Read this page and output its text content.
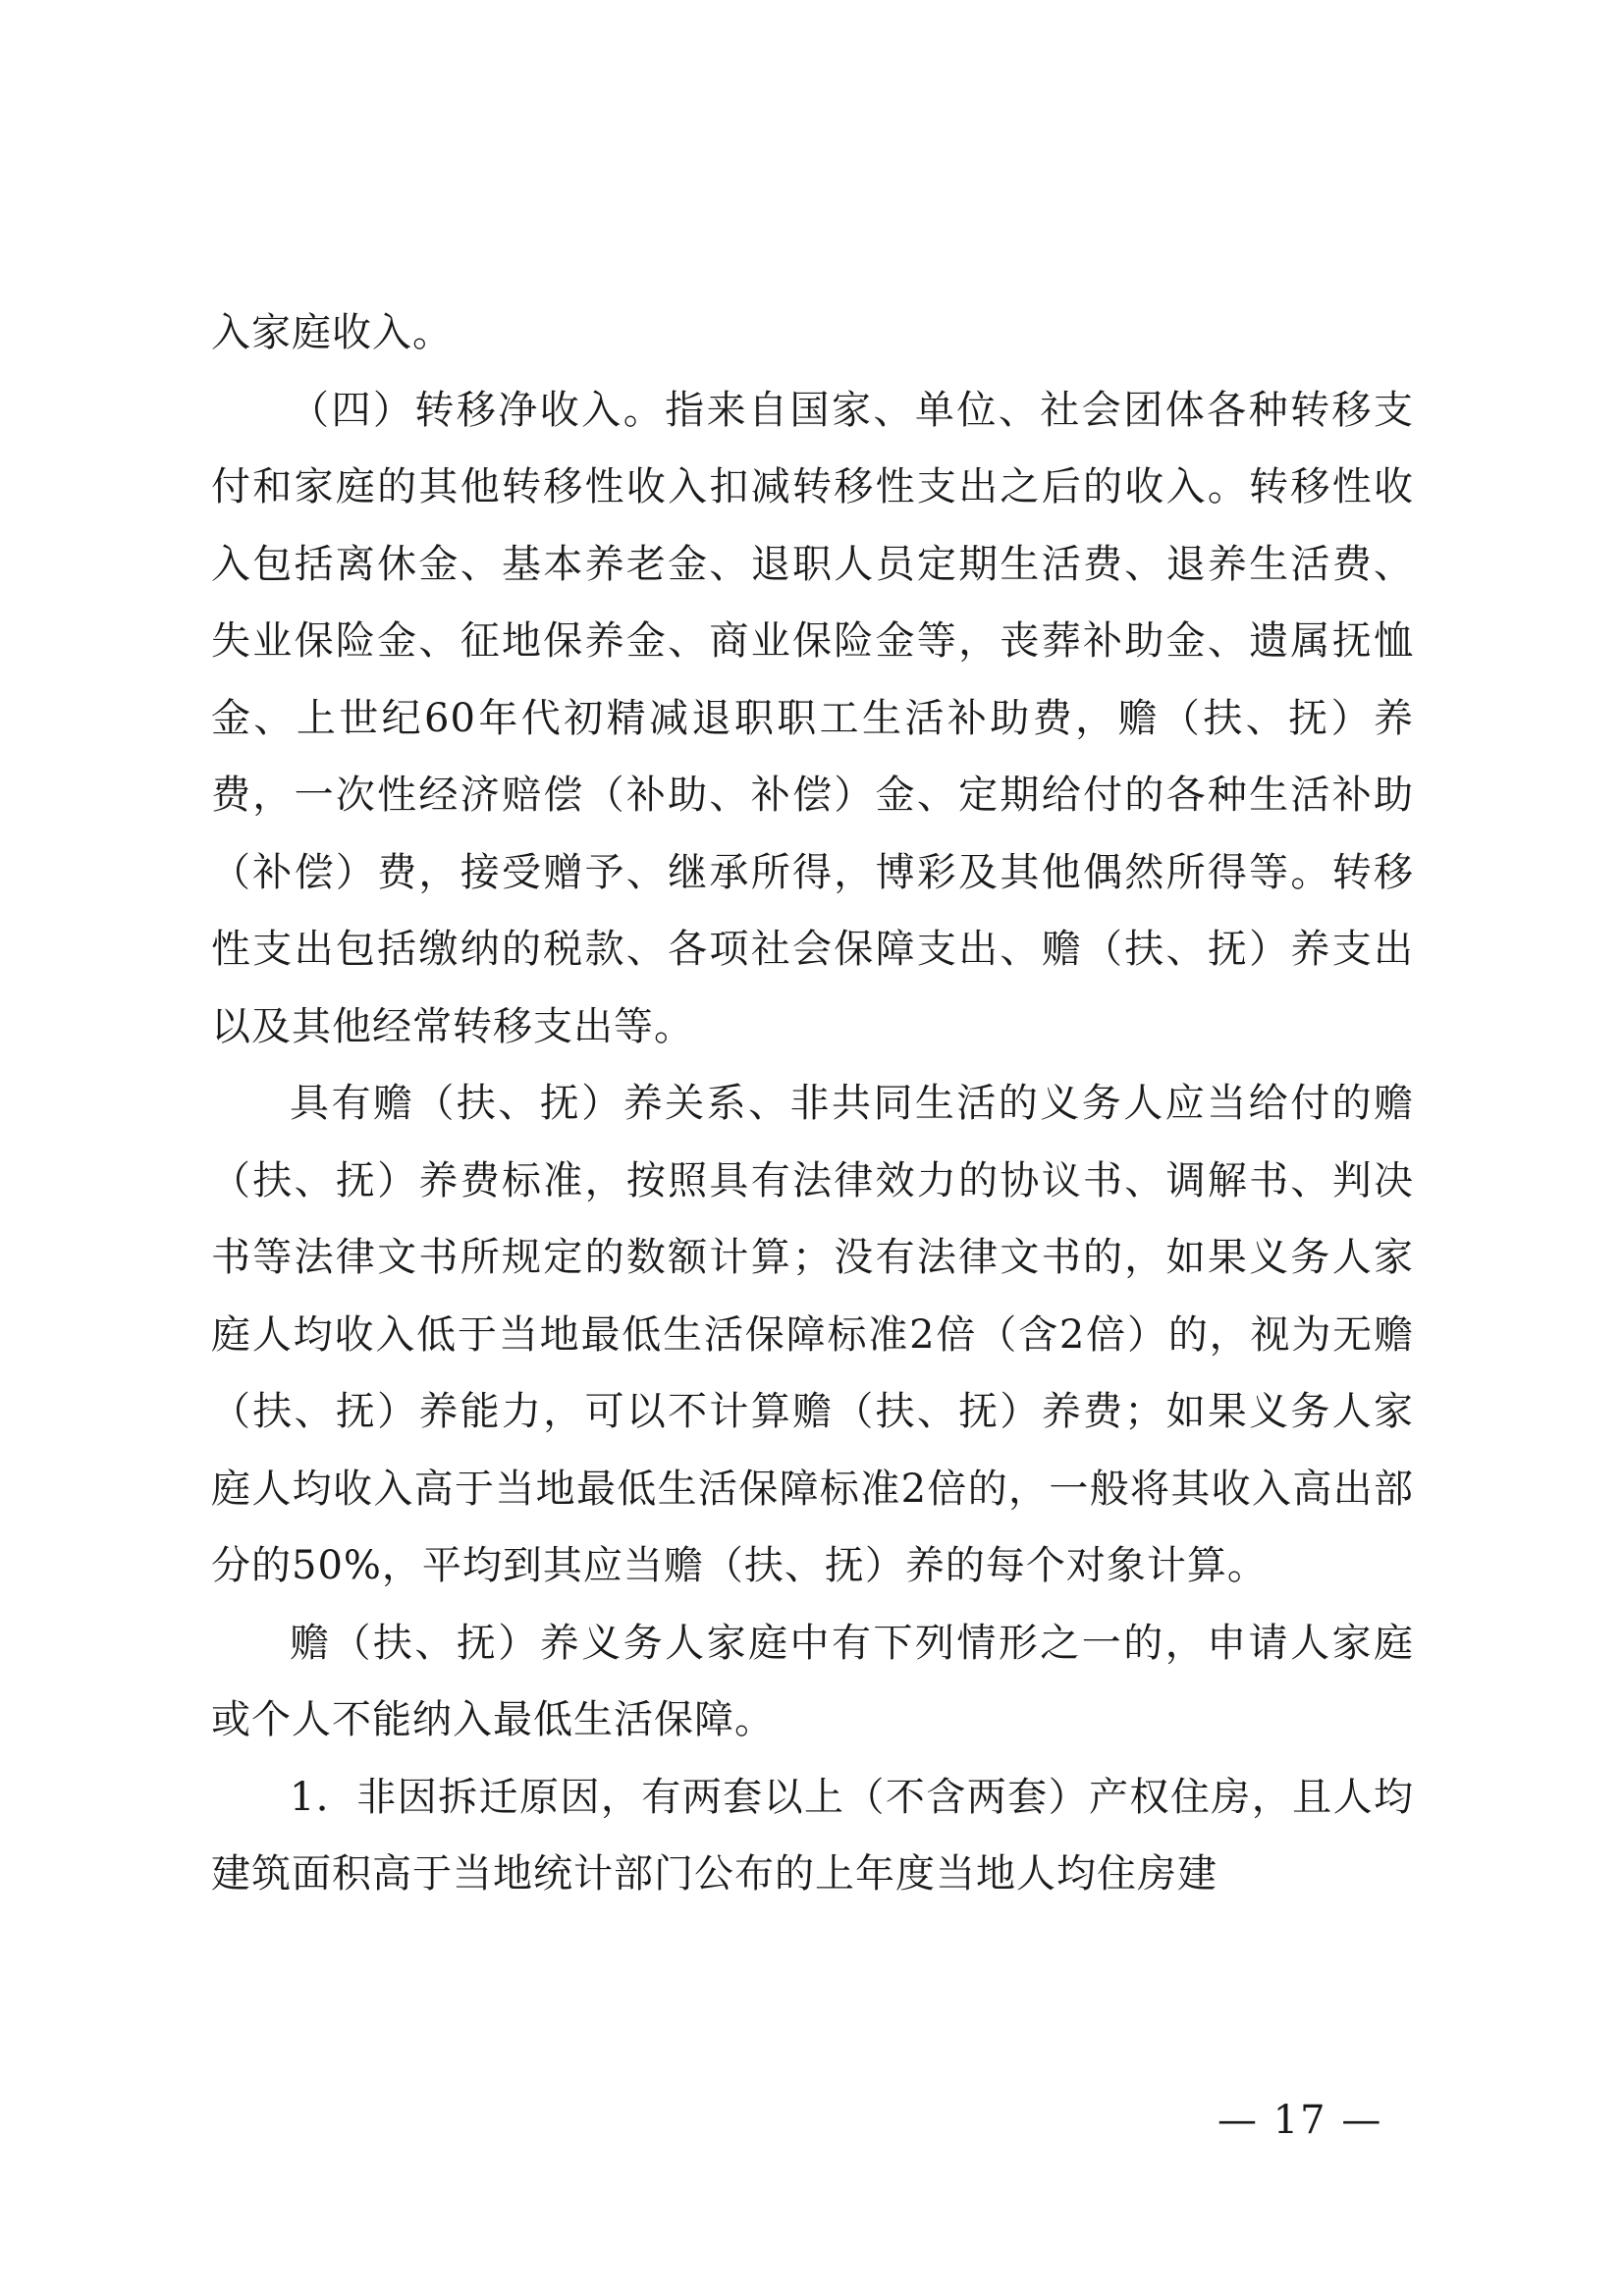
入家庭收入。

（四）转移净收入。指来自国家、单位、社会团体各种转移支付和家庭的其他转移性收入扣减转移性支出之后的收入。转移性收入包括离休金、基本养老金、退职人员定期生活费、退养生活费、失业保险金、征地保养金、商业保险金等，丧葬补助金、遗属抚恤金、上世纪60年代初精减退职职工生活补助费，赡（扶、抚）养费，一次性经济赔偿（补助、补偿）金、定期给付的各种生活补助（补偿）费，接受赠予、继承所得，博彩及其他偶然所得等。转移性支出包括缴纳的税款、各项社会保障支出、赡（扶、抚）养支出以及其他经常转移支出等。

具有赡（扶、抚）养关系、非共同生活的义务人应当给付的赡（扶、抚）养费标准，按照具有法律效力的协议书、调解书、判决书等法律文书所规定的数额计算；没有法律文书的，如果义务人家庭人均收入低于当地最低生活保障标准2倍（含2倍）的，视为无赡（扶、抚）养能力，可以不计算赡（扶、抚）养费；如果义务人家庭人均收入高于当地最低生活保障标准2倍的，一般将其收入高出部分的50%，平均到其应当赡（扶、抚）养的每个对象计算。

赡（扶、抚）养义务人家庭中有下列情形之一的，申请人家庭或个人不能纳入最低生活保障。

1．非因拆迁原因，有两套以上（不含两套）产权住房，且人均建筑面积高于当地统计部门公布的上年度当地人均住房建

— 17 —
